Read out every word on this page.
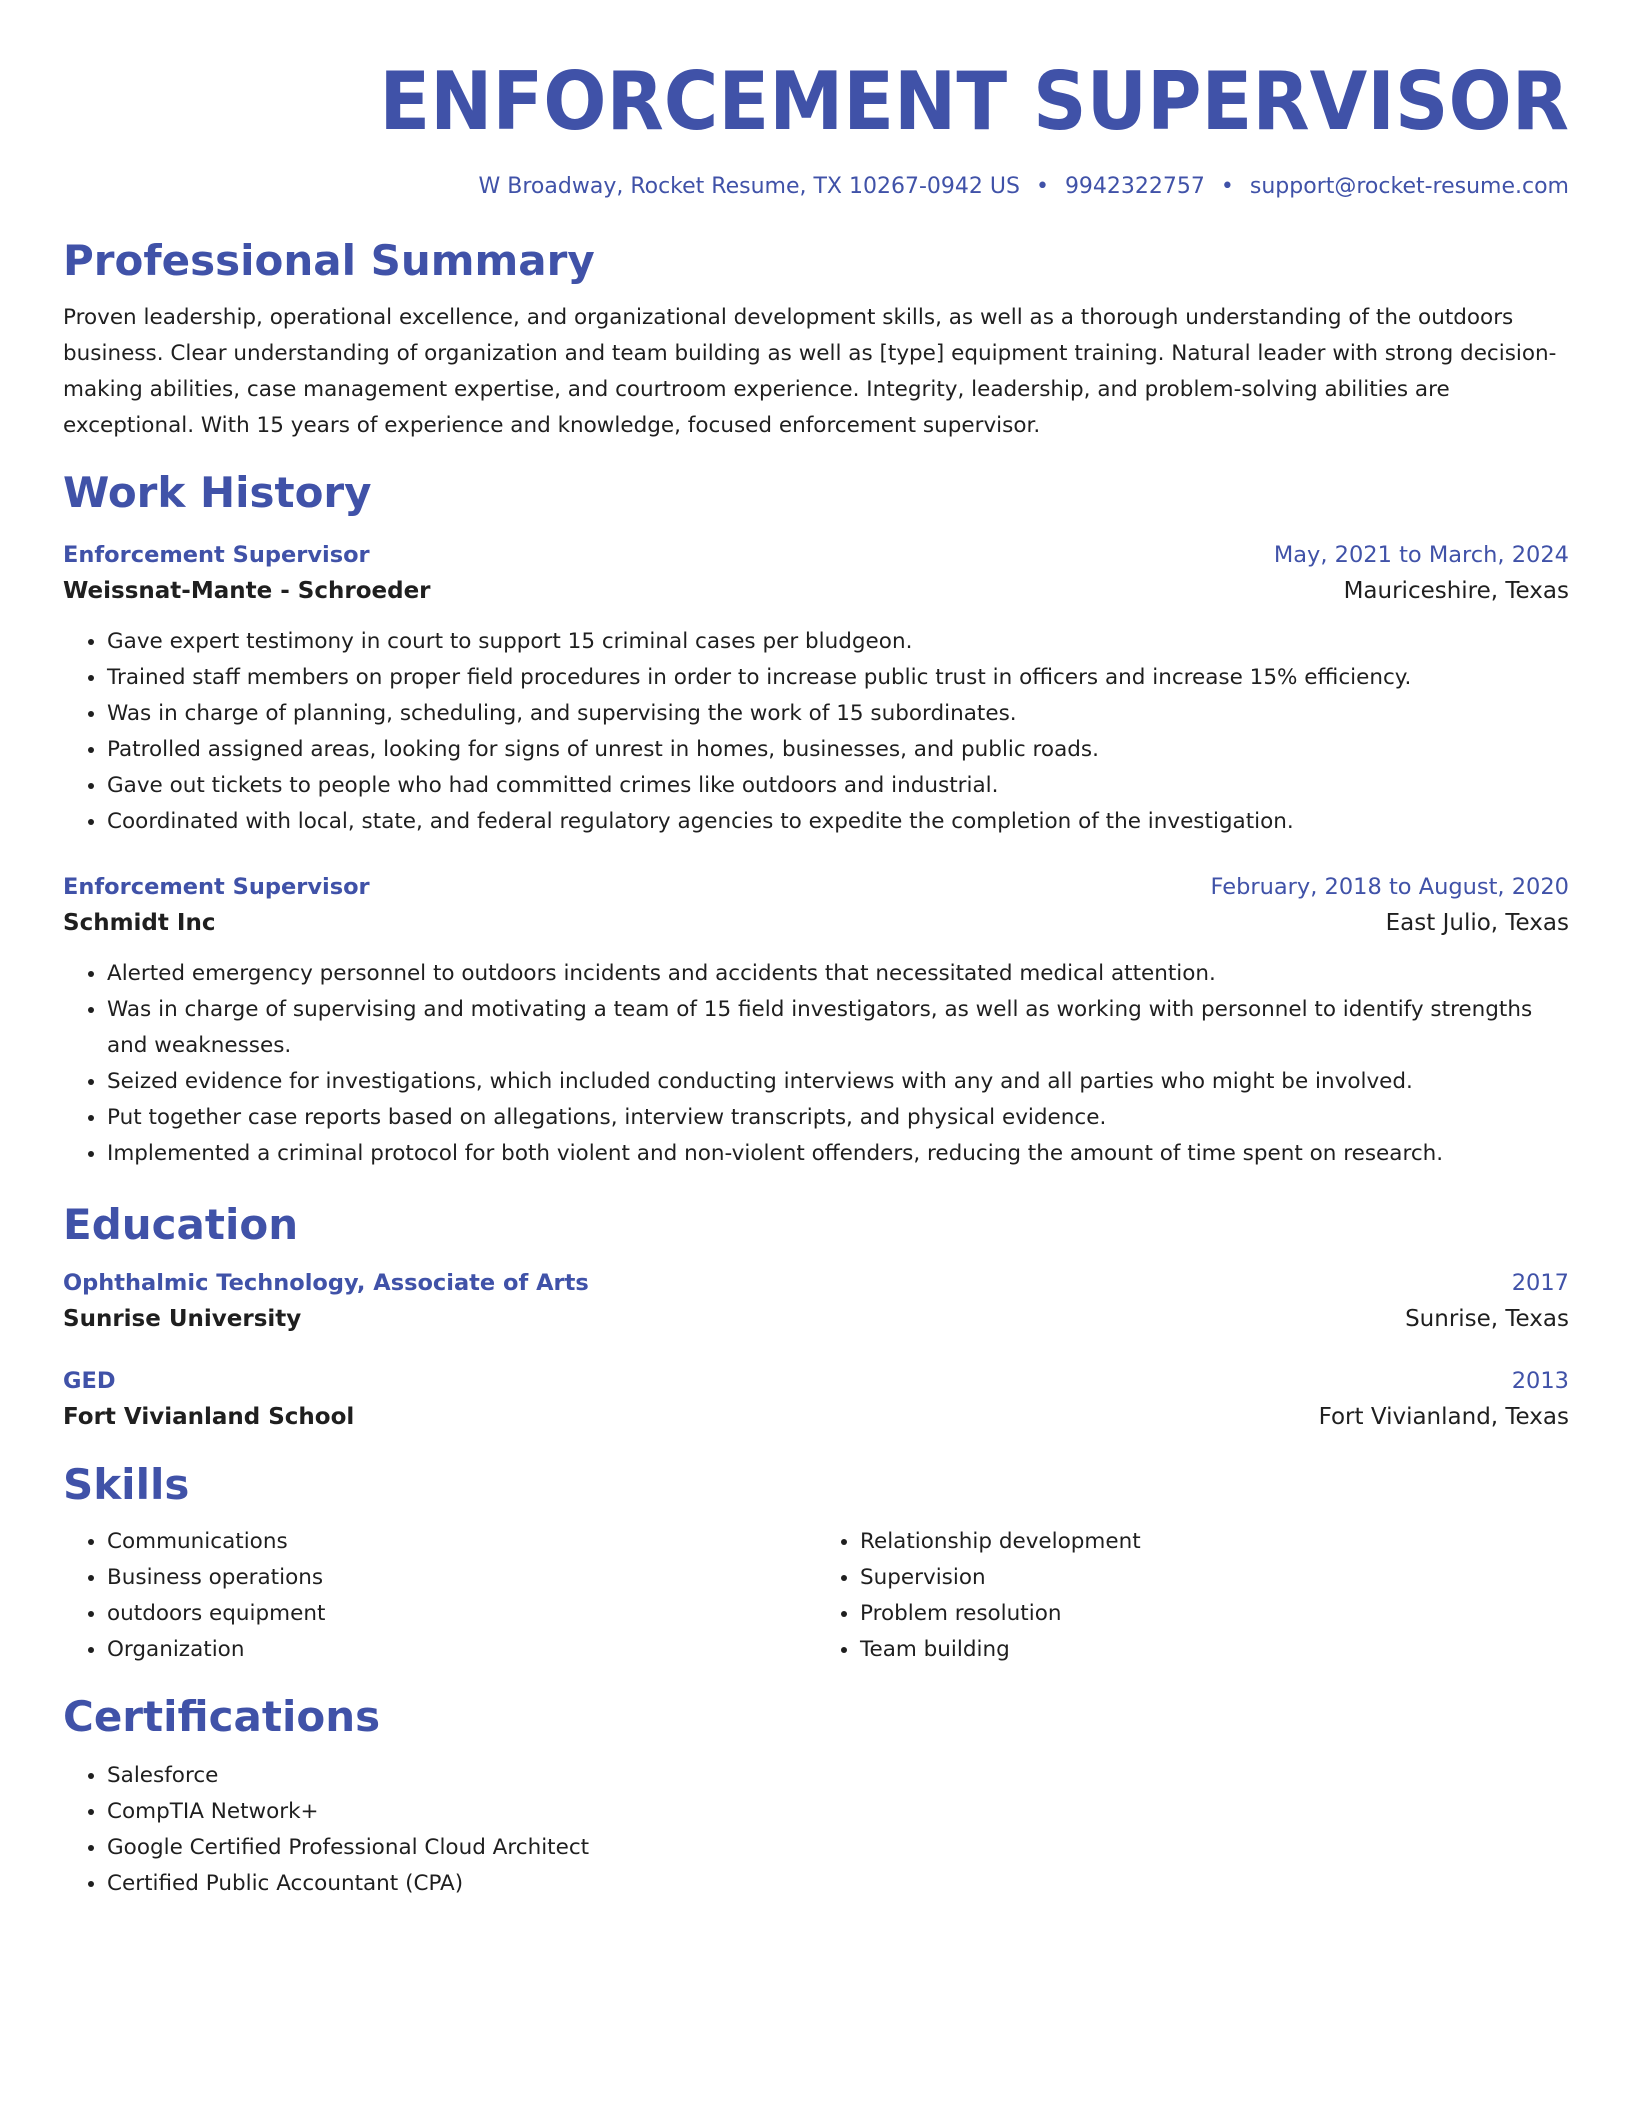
ENFORCEMENT SUPERVISOR
W Broadway, Rocket Resume, TX 10267-0942 US • 9942322757 • support@rocket-resume.com
Professional Summary
Proven leadership, operational excellence, and organizational development skills, as well as a thorough understanding of the outdoors business. Clear understanding of organization and team building as well as [type] equipment training. Natural leader with strong decision-making abilities, case management expertise, and courtroom experience. Integrity, leadership, and problem-solving abilities are exceptional. With 15 years of experience and knowledge, focused enforcement supervisor.
Work History
Enforcement Supervisor	May, 2021 to March, 2024
Weissnat-Mante - Schroeder	Mauriceshire, Texas
• Gave expert testimony in court to support 15 criminal cases per bludgeon.
• Trained staff members on proper field procedures in order to increase public trust in officers and increase 15% efficiency.
• Was in charge of planning, scheduling, and supervising the work of 15 subordinates.
• Patrolled assigned areas, looking for signs of unrest in homes, businesses, and public roads.
• Gave out tickets to people who had committed crimes like outdoors and industrial.
• Coordinated with local, state, and federal regulatory agencies to expedite the completion of the investigation.
Enforcement Supervisor	February, 2018 to August, 2020
Schmidt Inc	East Julio, Texas
• Alerted emergency personnel to outdoors incidents and accidents that necessitated medical attention.
• Was in charge of supervising and motivating a team of 15 field investigators, as well as working with personnel to identify strengths and weaknesses.
• Seized evidence for investigations, which included conducting interviews with any and all parties who might be involved.
• Put together case reports based on allegations, interview transcripts, and physical evidence.
• Implemented a criminal protocol for both violent and non-violent offenders, reducing the amount of time spent on research.
Education
Ophthalmic Technology, Associate of Arts	2017
Sunrise University	Sunrise, Texas
GED	2013
Fort Vivianland School	Fort Vivianland, Texas
Skills
• Communications
• Business operations
• outdoors equipment
• Organization
• Relationship development
• Supervision
• Problem resolution
• Team building
Certifications
• Salesforce
• CompTIA Network+
• Google Certified Professional Cloud Architect
• Certified Public Accountant (CPA)
